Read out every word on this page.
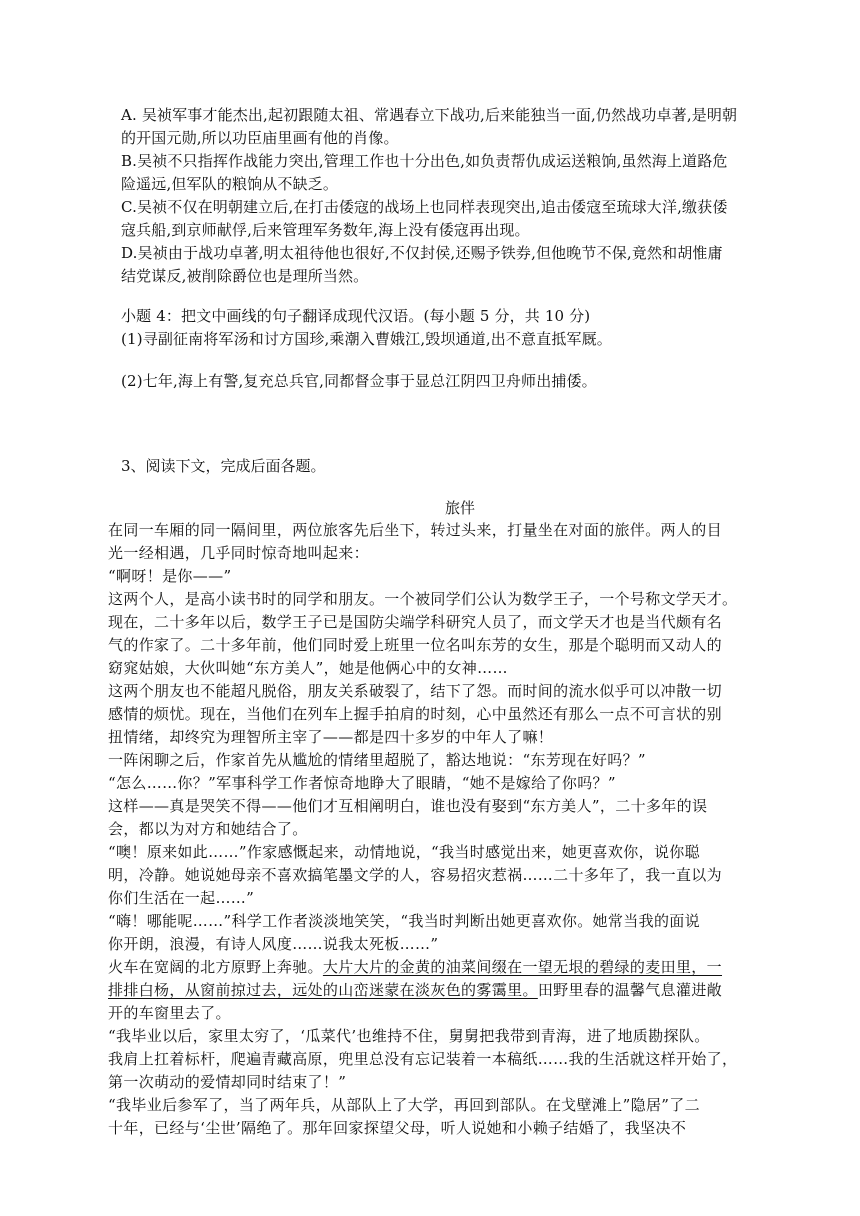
A. 吴祯军事才能杰出,起初跟随太祖、常遇春立下战功,后来能独当一面,仍然战功卓著,是明朝
的开国元勋,所以功臣庙里画有他的肖像。
B.吴祯不只指挥作战能力突出,管理工作也十分出色,如负责帮仇成运送粮饷,虽然海上道路危
险遥远,但军队的粮饷从不缺乏。
C.吴祯不仅在明朝建立后,在打击倭寇的战场上也同样表现突出,追击倭寇至琉球大洋,缴获倭
寇兵船,到京师献俘,后来管理军务数年,海上没有倭寇再出现。
D.吴祯由于战功卓著,明太祖待他也很好,不仅封侯,还赐予铁券,但他晚节不保,竟然和胡惟庸
结党谋反,被削除爵位也是理所当然。
小题 4：把文中画线的句子翻译成现代汉语。(每小题 5 分，共 10 分)
(1)寻副征南将军汤和讨方国珍,乘潮入曹娥江,毁坝通道,出不意直抵军厩。
(2)七年,海上有警,复充总兵官,同都督佥事于显总江阴四卫舟师出捕倭。
3、阅读下文，完成后面各题。
旅伴
在同一车厢的同一隔间里，两位旅客先后坐下，转过头来，打量坐在对面的旅伴。两人的目
光一经相遇，几乎同时惊奇地叫起来：
“啊呀！是你——”
这两个人，是高小读书时的同学和朋友。一个被同学们公认为数学王子，一个号称文学天才。
现在，二十多年以后，数学王子已是国防尖端学科研究人员了，而文学天才也是当代颇有名
气的作家了。二十多年前，他们同时爱上班里一位名叫东芳的女生，那是个聪明而又动人的
窈窕姑娘，大伙叫她“东方美人”，她是他俩心中的女神……
这两个朋友也不能超凡脱俗，朋友关系破裂了，结下了怨。而时间的流水似乎可以冲散一切
感情的烦忧。现在，当他们在列车上握手拍肩的时刻，心中虽然还有那么一点不可言状的别
扭情绪，却终究为理智所主宰了——都是四十多岁的中年人了嘛！
一阵闲聊之后，作家首先从尴尬的情绪里超脱了，豁达地说：“东芳现在好吗？”
“怎么……你？”军事科学工作者惊奇地睁大了眼睛，“她不是嫁给了你吗？”
这样——真是哭笑不得——他们才互相阐明白，谁也没有娶到“东方美人”，二十多年的误
会，都以为对方和她结合了。
“噢！原来如此……”作家感慨起来，动情地说，“我当时感觉出来，她更喜欢你，说你聪
明，冷静。她说她母亲不喜欢搞笔墨文学的人，容易招灾惹祸……二十多年了，我一直以为
你们生活在一起……”
“嗨！哪能呢……”科学工作者淡淡地笑笑，“我当时判断出她更喜欢你。她常当我的面说
你开朗，浪漫，有诗人风度……说我太死板……”
火车在宽阔的北方原野上奔驰。大片大片的金黄的油菜间缀在一望无垠的碧绿的麦田里，一
排排白杨，从窗前掠过去，远处的山峦迷蒙在淡灰色的雾霭里。田野里春的温馨气息灌进敞
开的车窗里去了。
“我毕业以后，家里太穷了，‘瓜菜代’也维持不住，舅舅把我带到青海，进了地质勘探队。
我肩上扛着标杆，爬遍青藏高原，兜里总没有忘记装着一本稿纸……我的生活就这样开始了，
第一次萌动的爱情却同时结束了！”
“我毕业后参军了，当了两年兵，从部队上了大学，再回到部队。在戈壁滩上”隐居”了二
十年，已经与‘尘世’隔绝了。那年回家探望父母，听人说她和小赖子结婚了，我坚决不
